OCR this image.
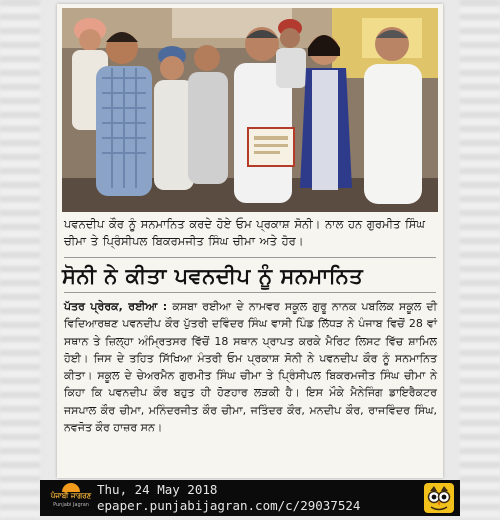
ਪਵਨਦੀਪ ਕੌਰ ਨੂੰ ਸਨਮਾਨਿਤ ਕਰਦੇ ਹੋਏ ਓਮ ਪ੍ਰਕਾਸ਼ ਸੋਨੀ। ਨਾਲ ਹਨ ਗੁਰਮੀਤ ਸਿੰਘ ਚੀਮਾ ਤੇ ਪ੍ਰਿੰਸੀਪਲ ਬਿਕਰਮਜੀਤ ਸਿੰਘ ਚੀਮਾ ਅਤੇ ਹੋਰ।
ਸੋਨੀ ਨੇ ਕੀਤਾ ਪਵਨਦੀਪ ਨੂੰ ਸਨਮਾਨਿਤ
ਪੱਤਰ ਪ੍ਰੇਰਕ, ਰਈਆ : ਕਸਬਾ ਰਈਆ ਦੇ ਨਾਮਵਰ ਸਕੂਲ ਗੁਰੂ ਨਾਨਕ ਪਬਲਿਕ ਸਕੂਲ ਦੀ ਵਿਦਿਆਰਥਣ ਪਵਨਦੀਪ ਕੌਰ ਪੁੱਤਰੀ ਦਵਿੰਦਰ ਸਿੰਘ ਵਾਸੀ ਪਿੰਡ ਲਿੱਧੜ ਨੇ ਪੰਜਾਬ ਵਿਚੋਂ 28 ਵਾਂ ਸਥਾਨ ਤੇ ਜ਼ਿਲ੍ਹਾ ਅੰਮ੍ਰਿਤਸਰ ਵਿੱਚੋਂ 18 ਸਥਾਨ ਪ੍ਰਾਪਤ ਕਰਕੇ ਮੈਰਿਟ ਲਿਸਟ ਵਿੱਚ ਸ਼ਾਮਿਲ ਹੋਈ। ਜਿਸ ਦੇ ਤਹਿਤ ਸਿੱਖਿਆ ਮੰਤਰੀ ਓਮ ਪ੍ਰਕਾਸ਼ ਸੋਨੀ ਨੇ ਪਵਨਦੀਪ ਕੌਰ ਨੂੰ ਸਨਮਾਨਿਤ ਕੀਤਾ। ਸਕੂਲ ਦੇ ਚੇਅਰਮੈਨ ਗੁਰਮੀਤ ਸਿੰਘ ਚੀਮਾ ਤੇ ਪ੍ਰਿੰਸੀਪਲ ਬਿਕਰਮਜੀਤ ਸਿੰਘ ਚੀਮਾ ਨੇ ਕਿਹਾ ਕਿ ਪਵਨਦੀਪ ਕੌਰ ਬਹੁਤ ਹੀ ਹੋਣਹਾਰ ਲੜਕੀ ਹੈ। ਇਸ ਮੌਕੇ ਮੈਨੇਜਿੰਗ ਡਾਇਰੈਕਟਰ ਜਸਪਾਲ ਕੌਰ ਚੀਮਾ, ਮਨਿੰਦਰਜੀਤ ਕੌਰ ਚੀਮਾ, ਜਤਿੰਦਰ ਕੌਰ, ਮਨਦੀਪ ਕੌਰ, ਰਾਜਵਿੰਦਰ ਸਿੰਘ, ਨਵਜੋਤ ਕੌਰ ਹਾਜ਼ਰ ਸਨ।
ਪੰਜਾਬੀ ਜਾਗਰਣ
Punjabi Jagran
Thu, 24 May 2018
epaper.punjabijagran.com/c/29037524
